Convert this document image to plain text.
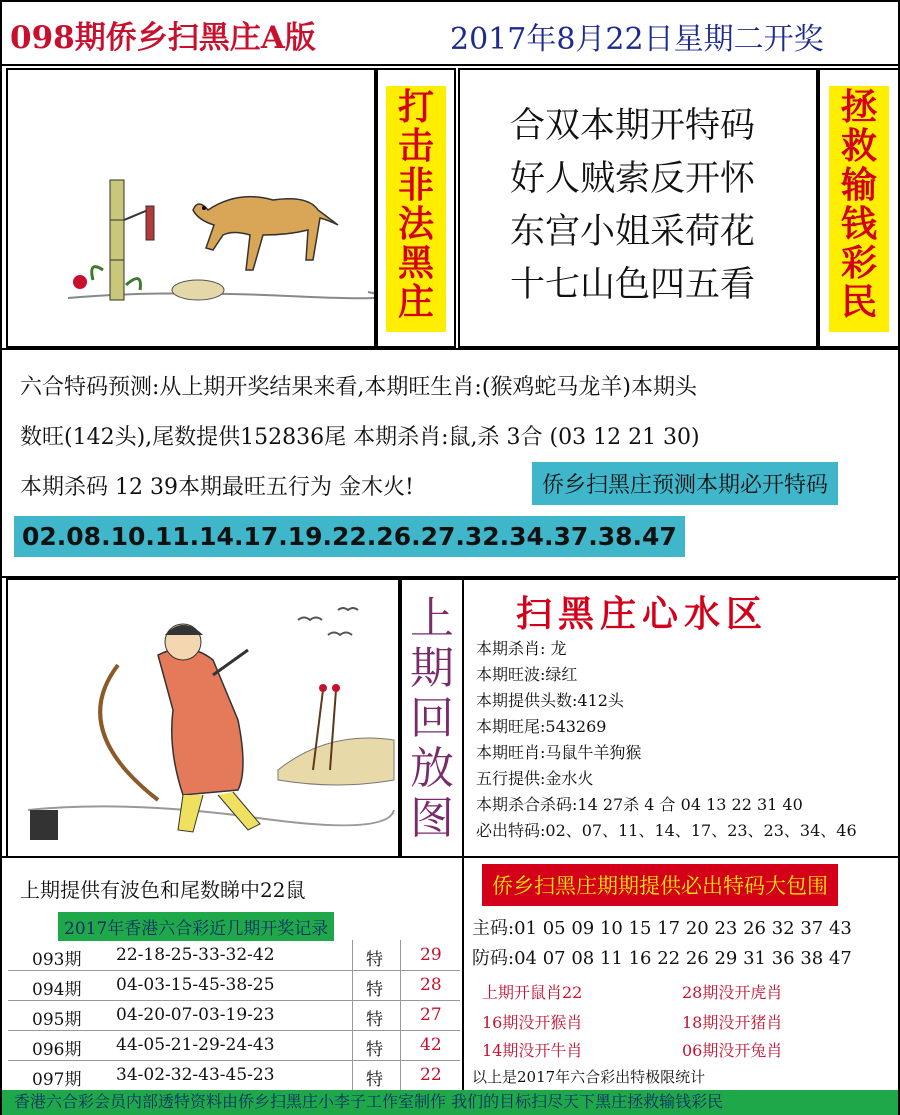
098期侨乡扫黑庄A版	2017年8月22日星期二开奖
打
击
非
法
黑
庄
合双本期开特码
好人贼索反开怀
东宫小姐采荷花
十七山色四五看
拯
救
输
钱
彩
民
六合特码预测:从上期开奖结果来看,本期旺生肖:(猴鸡蛇马龙羊)本期头
数旺(142头),尾数提供152836尾 本期杀肖:鼠,杀 3合 (03 12 21 30)
本期杀码 12 39本期最旺五行为 金木火!	侨乡扫黑庄预测本期必开特码
02.08.10.11.14.17.19.22.26.27.32.34.37.38.47
上
期
回
放
图
扫黑庄心水区
本期杀肖: 龙
本期旺波:绿红
本期提供头数:412头
本期旺尾:543269
本期旺肖:马鼠牛羊狗猴
五行提供:金水火
本期杀合杀码:14 27杀 4 合 04 13 22 31 40
必出特码:02、07、11、14、17、23、23、34、46
上期提供有波色和尾数睇中22鼠	侨乡扫黑庄期期提供必出特码大包围
2017年香港六合彩近几期开奖记录
093期 22-18-25-33-32-42	特 29
094期 04-03-15-45-38-25	特 28
095期 04-20-07-03-19-23	特 27
096期 44-05-21-29-24-43	特 42
097期 34-02-32-43-45-23	特 22
主码:01 05 09 10 15 17 20 23 26 32 37 43
防码:04 07 08 11 16 22 26 29 31 36 38 47
上期开鼠肖22	28期没开虎肖
16期没开猴肖	18期没开猪肖
14期没开牛肖	06期没开兔肖
以上是2017年六合彩出特极限统计
香港六合彩会员内部透特资料由侨乡扫黑庄小李子工作室制作 我们的目标扫尽天下黑庄拯救输钱彩民
